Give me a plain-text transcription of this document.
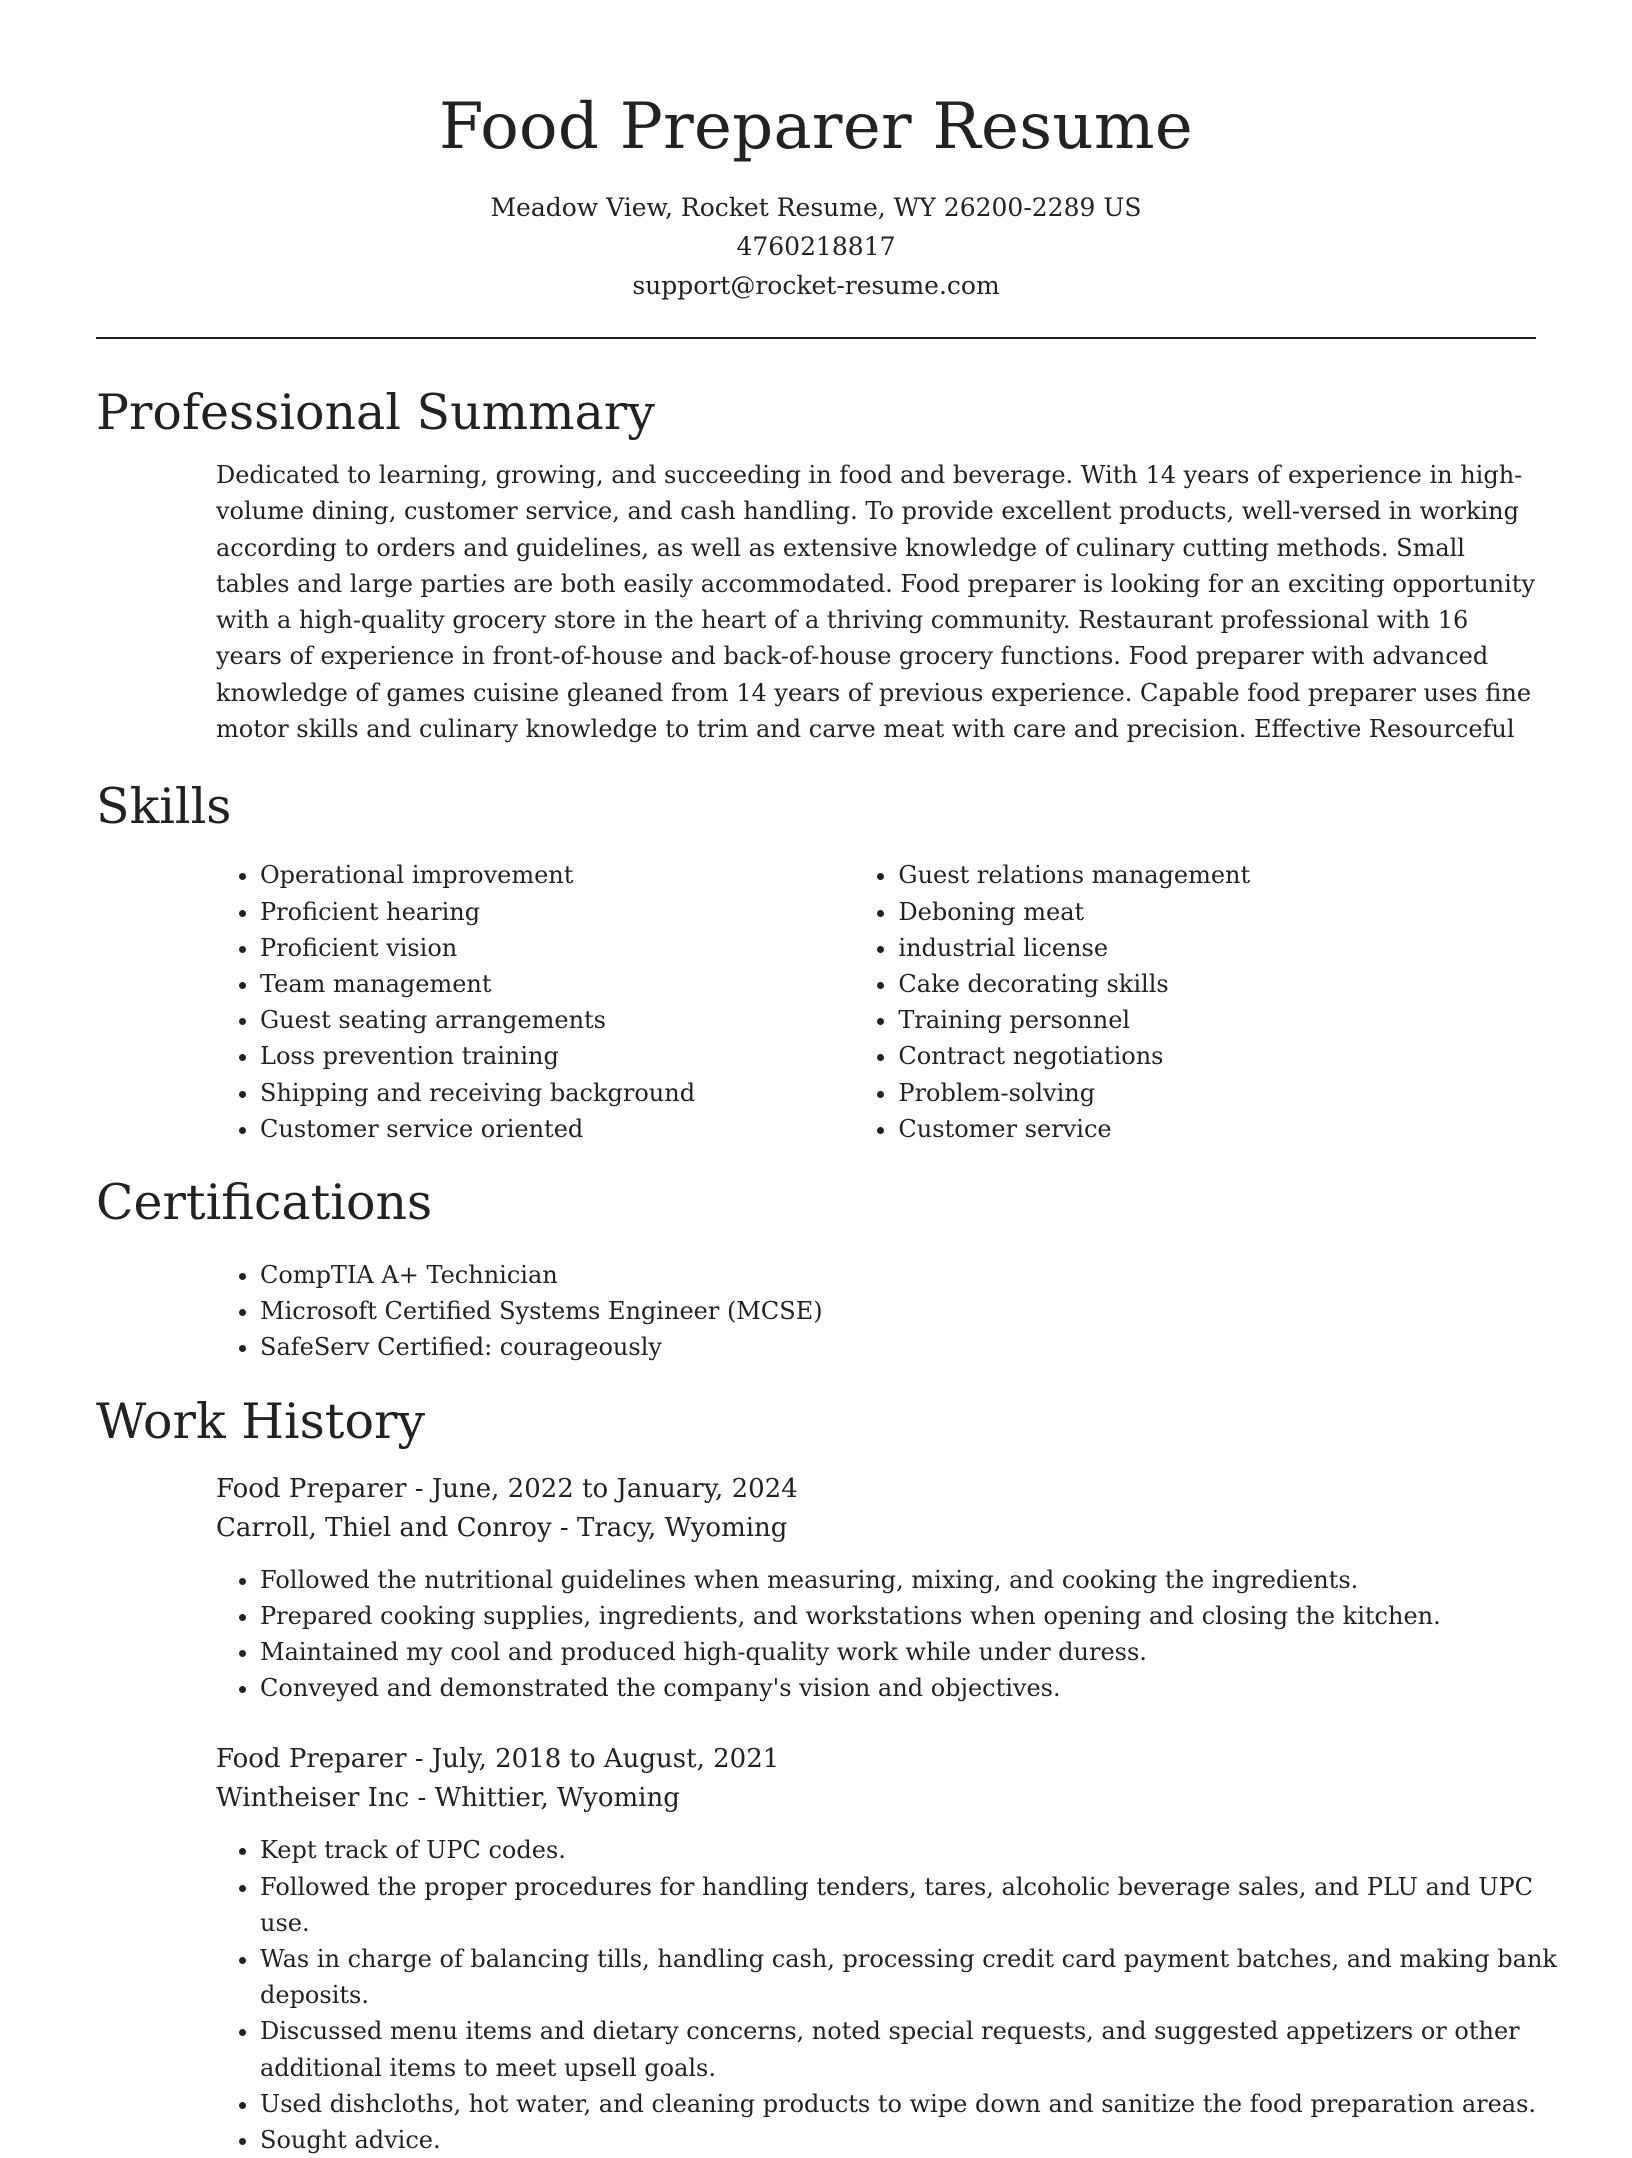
Food Preparer Resume
Meadow View, Rocket Resume, WY 26200-2289 US
4760218817
support@rocket-resume.com
Professional Summary

Dedicated to learning, growing, and succeeding in food and beverage. With 14 years of experience in high-volume dining, customer service, and cash handling. To provide excellent products, well-versed in working according to orders and guidelines, as well as extensive knowledge of culinary cutting methods. Small tables and large parties are both easily accommodated. Food preparer is looking for an exciting opportunity with a high-quality grocery store in the heart of a thriving community. Restaurant professional with 16 years of experience in front-of-house and back-of-house grocery functions. Food preparer with advanced knowledge of games cuisine gleaned from 14 years of previous experience. Capable food preparer uses fine motor skills and culinary knowledge to trim and carve meat with care and precision. Effective Resourceful

Skills
• Operational improvement
• Proficient hearing
• Proficient vision
• Team management
• Guest seating arrangements
• Loss prevention training
• Shipping and receiving background
• Customer service oriented
• Guest relations management
• Deboning meat
• industrial license
• Cake decorating skills
• Training personnel
• Contract negotiations
• Problem-solving
• Customer service
Certifications
• CompTIA A+ Technician
• Microsoft Certified Systems Engineer (MCSE)
• SafeServ Certified: courageously
Work History
Food Preparer - June, 2022 to January, 2024
Carroll, Thiel and Conroy - Tracy, Wyoming
• Followed the nutritional guidelines when measuring, mixing, and cooking the ingredients.
• Prepared cooking supplies, ingredients, and workstations when opening and closing the kitchen.
• Maintained my cool and produced high-quality work while under duress.
• Conveyed and demonstrated the company's vision and objectives.
Food Preparer - July, 2018 to August, 2021
Wintheiser Inc - Whittier, Wyoming
• Kept track of UPC codes.
• Followed the proper procedures for handling tenders, tares, alcoholic beverage sales, and PLU and UPC use.
• Was in charge of balancing tills, handling cash, processing credit card payment batches, and making bank deposits.
• Discussed menu items and dietary concerns, noted special requests, and suggested appetizers or other additional items to meet upsell goals.
• Used dishcloths, hot water, and cleaning products to wipe down and sanitize the food preparation areas.
• Sought advice.
